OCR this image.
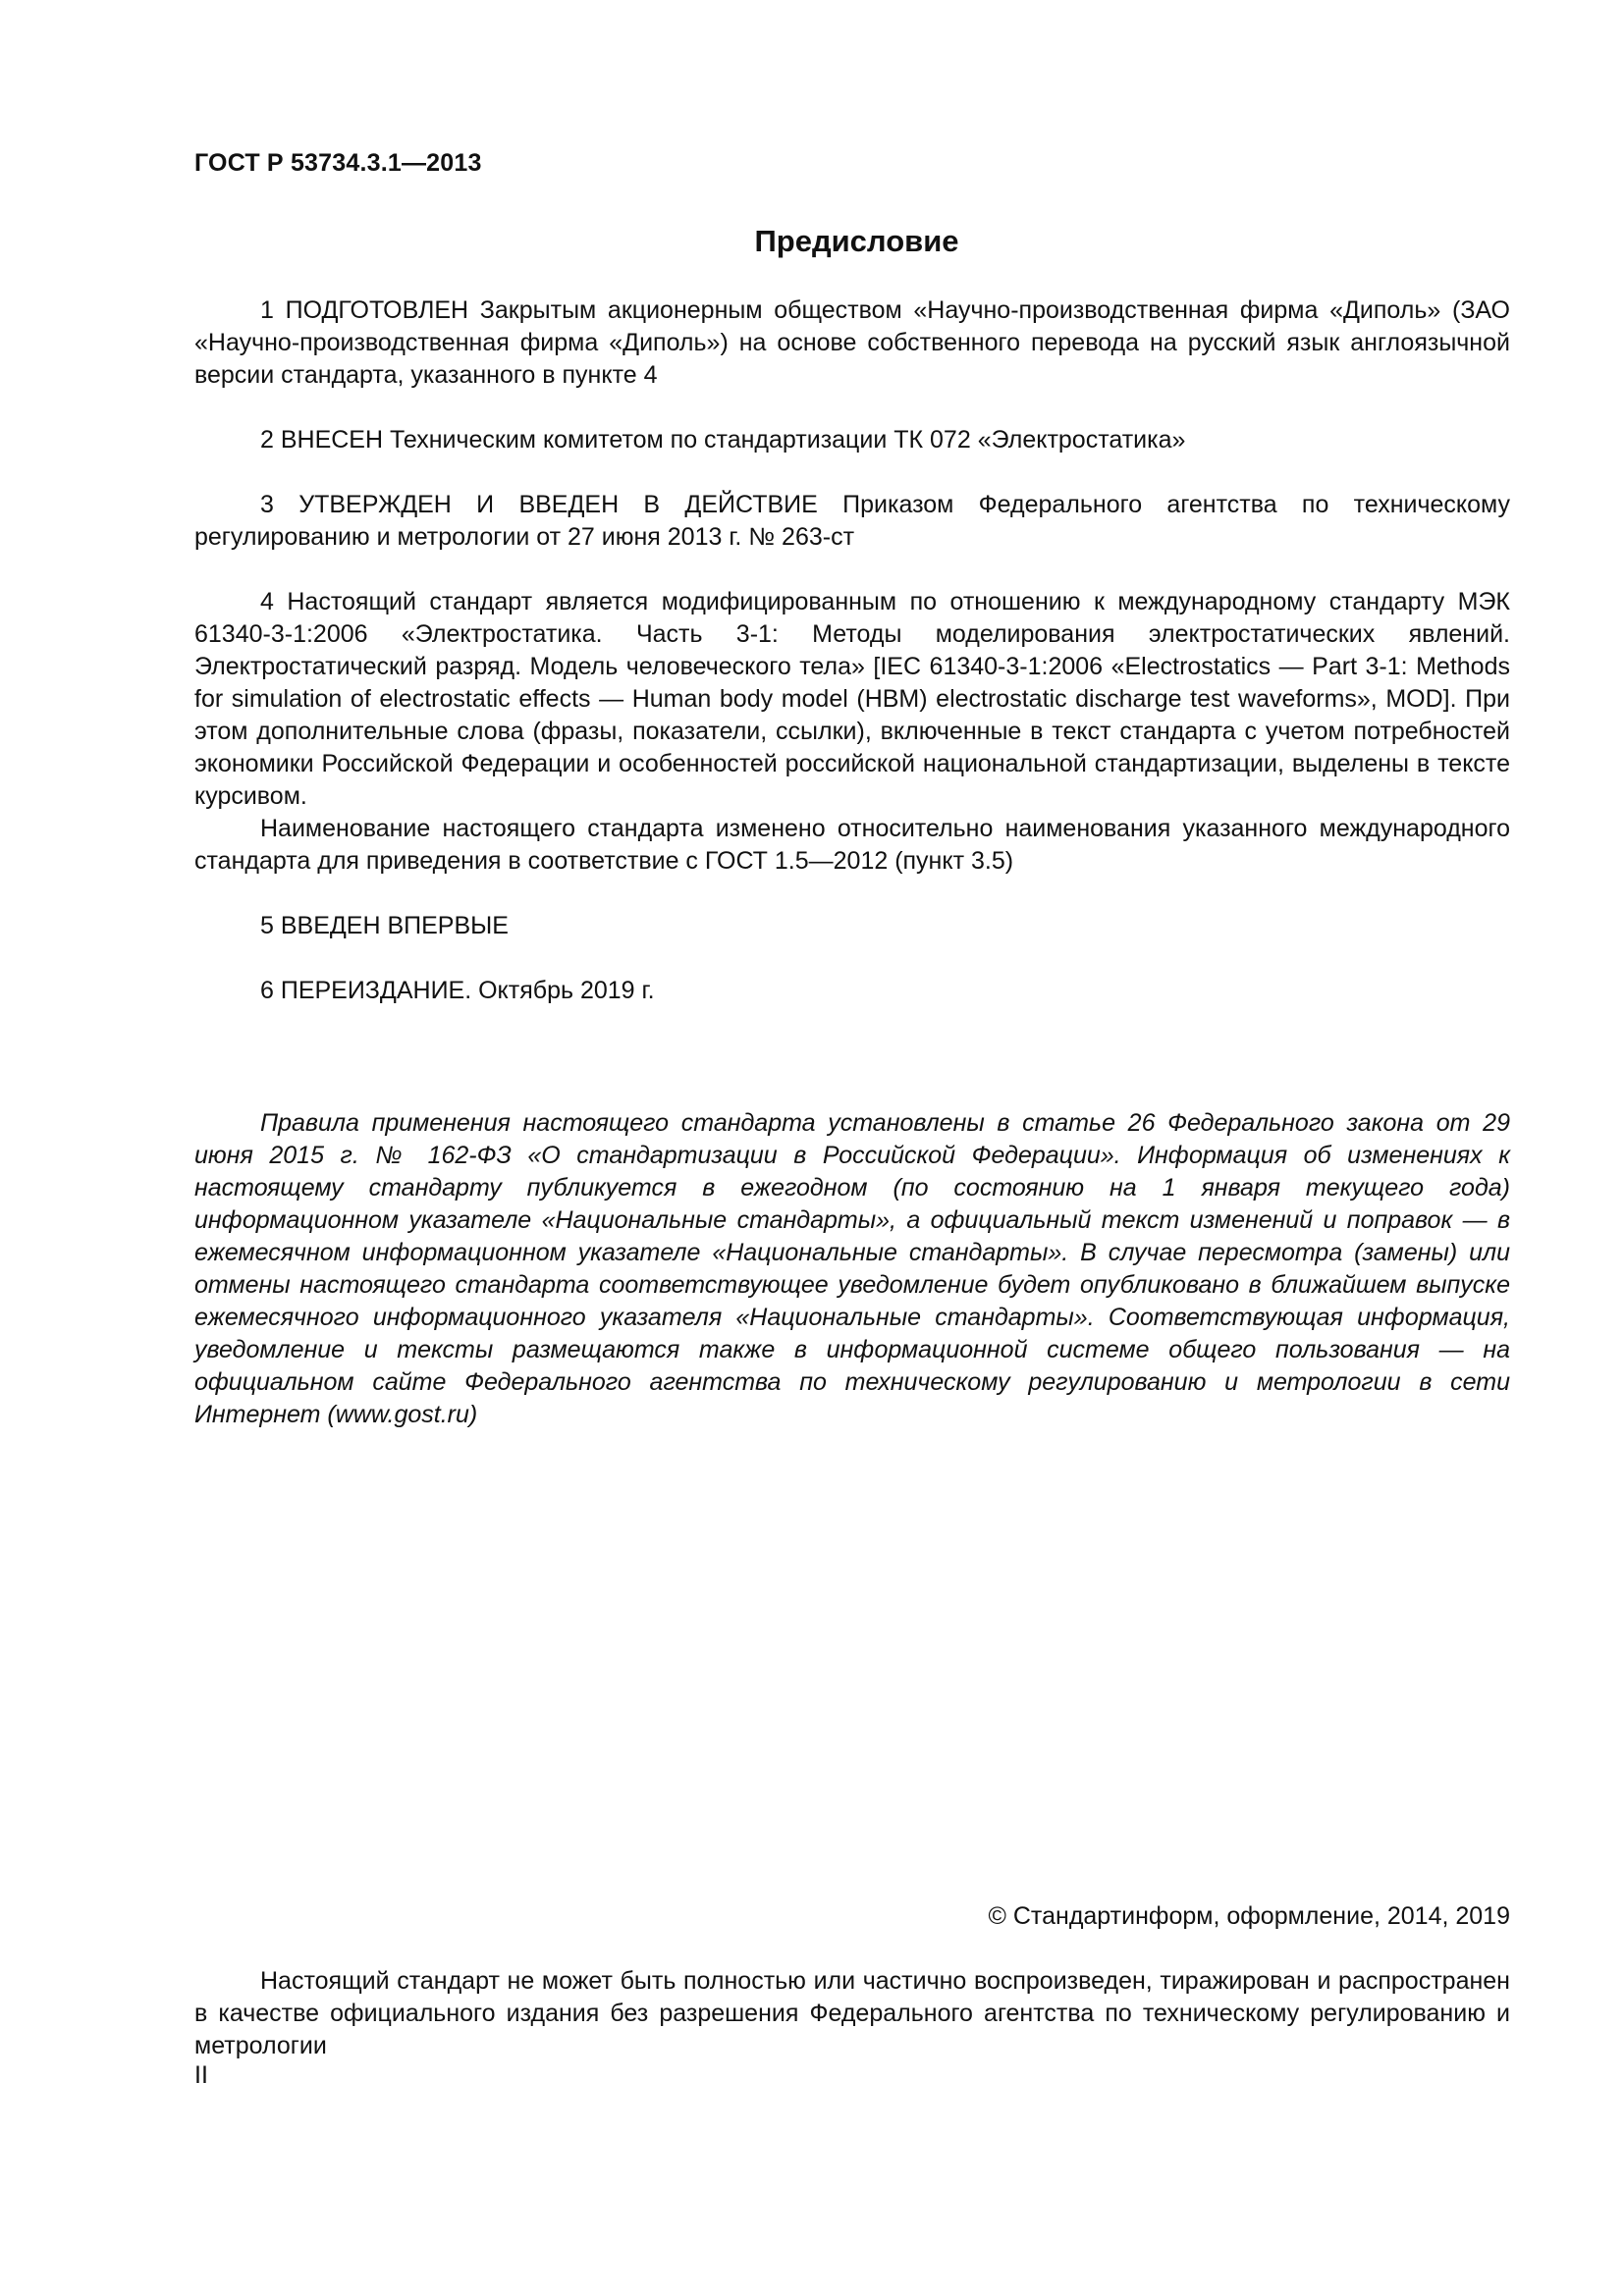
ГОСТ Р 53734.3.1—2013
Предисловие

1 ПОДГОТОВЛЕН Закрытым акционерным обществом «Научно-производственная фирма «Диполь» (ЗАО «Научно-производственная фирма «Диполь») на основе собственного перевода на русский язык англоязычной версии стандарта, указанного в пункте 4

2 ВНЕСЕН Техническим комитетом по стандартизации ТК 072 «Электростатика»

3 УТВЕРЖДЕН И ВВЕДЕН В ДЕЙСТВИЕ Приказом Федерального агентства по техническому регулированию и метрологии от 27 июня 2013 г. № 263-ст

4 Настоящий стандарт является модифицированным по отношению к международному стандарту МЭК 61340-3-1:2006 «Электростатика. Часть 3-1: Методы моделирования электростатических явлений. Электростатический разряд. Модель человеческого тела» [IEC 61340-3-1:2006 «Electrostatics — Part 3-1: Methods for simulation of electrostatic effects — Human body model (HBM) electrostatic discharge test waveforms», MOD]. При этом дополнительные слова (фразы, показатели, ссылки), включенные в текст стандарта с учетом потребностей экономики Российской Федерации и особенностей российской национальной стандартизации, выделены в тексте курсивом.

Наименование настоящего стандарта изменено относительно наименования указанного международного стандарта для приведения в соответствие с ГОСТ 1.5—2012 (пункт 3.5)

5 ВВЕДЕН ВПЕРВЫЕ

6 ПЕРЕИЗДАНИЕ. Октябрь 2019 г.

Правила применения настоящего стандарта установлены в статье 26 Федерального закона от 29 июня 2015 г. № 162-ФЗ «О стандартизации в Российской Федерации». Информация об изменениях к настоящему стандарту публикуется в ежегодном (по состоянию на 1 января текущего года) информационном указателе «Национальные стандарты», а официальный текст изменений и поправок — в ежемесячном информационном указателе «Национальные стандарты». В случае пересмотра (замены) или отмены настоящего стандарта соответствующее уведомление будет опубликовано в ближайшем выпуске ежемесячного информационного указателя «Национальные стандарты». Соответствующая информация, уведомление и тексты размещаются также в информационной системе общего пользования — на официальном сайте Федерального агентства по техническому регулированию и метрологии в сети Интернет (www.gost.ru)
© Стандартинформ, оформление, 2014, 2019
Настоящий стандарт не может быть полностью или частично воспроизведен, тиражирован и распространен в качестве официального издания без разрешения Федерального агентства по техническому регулированию и метрологии
II
